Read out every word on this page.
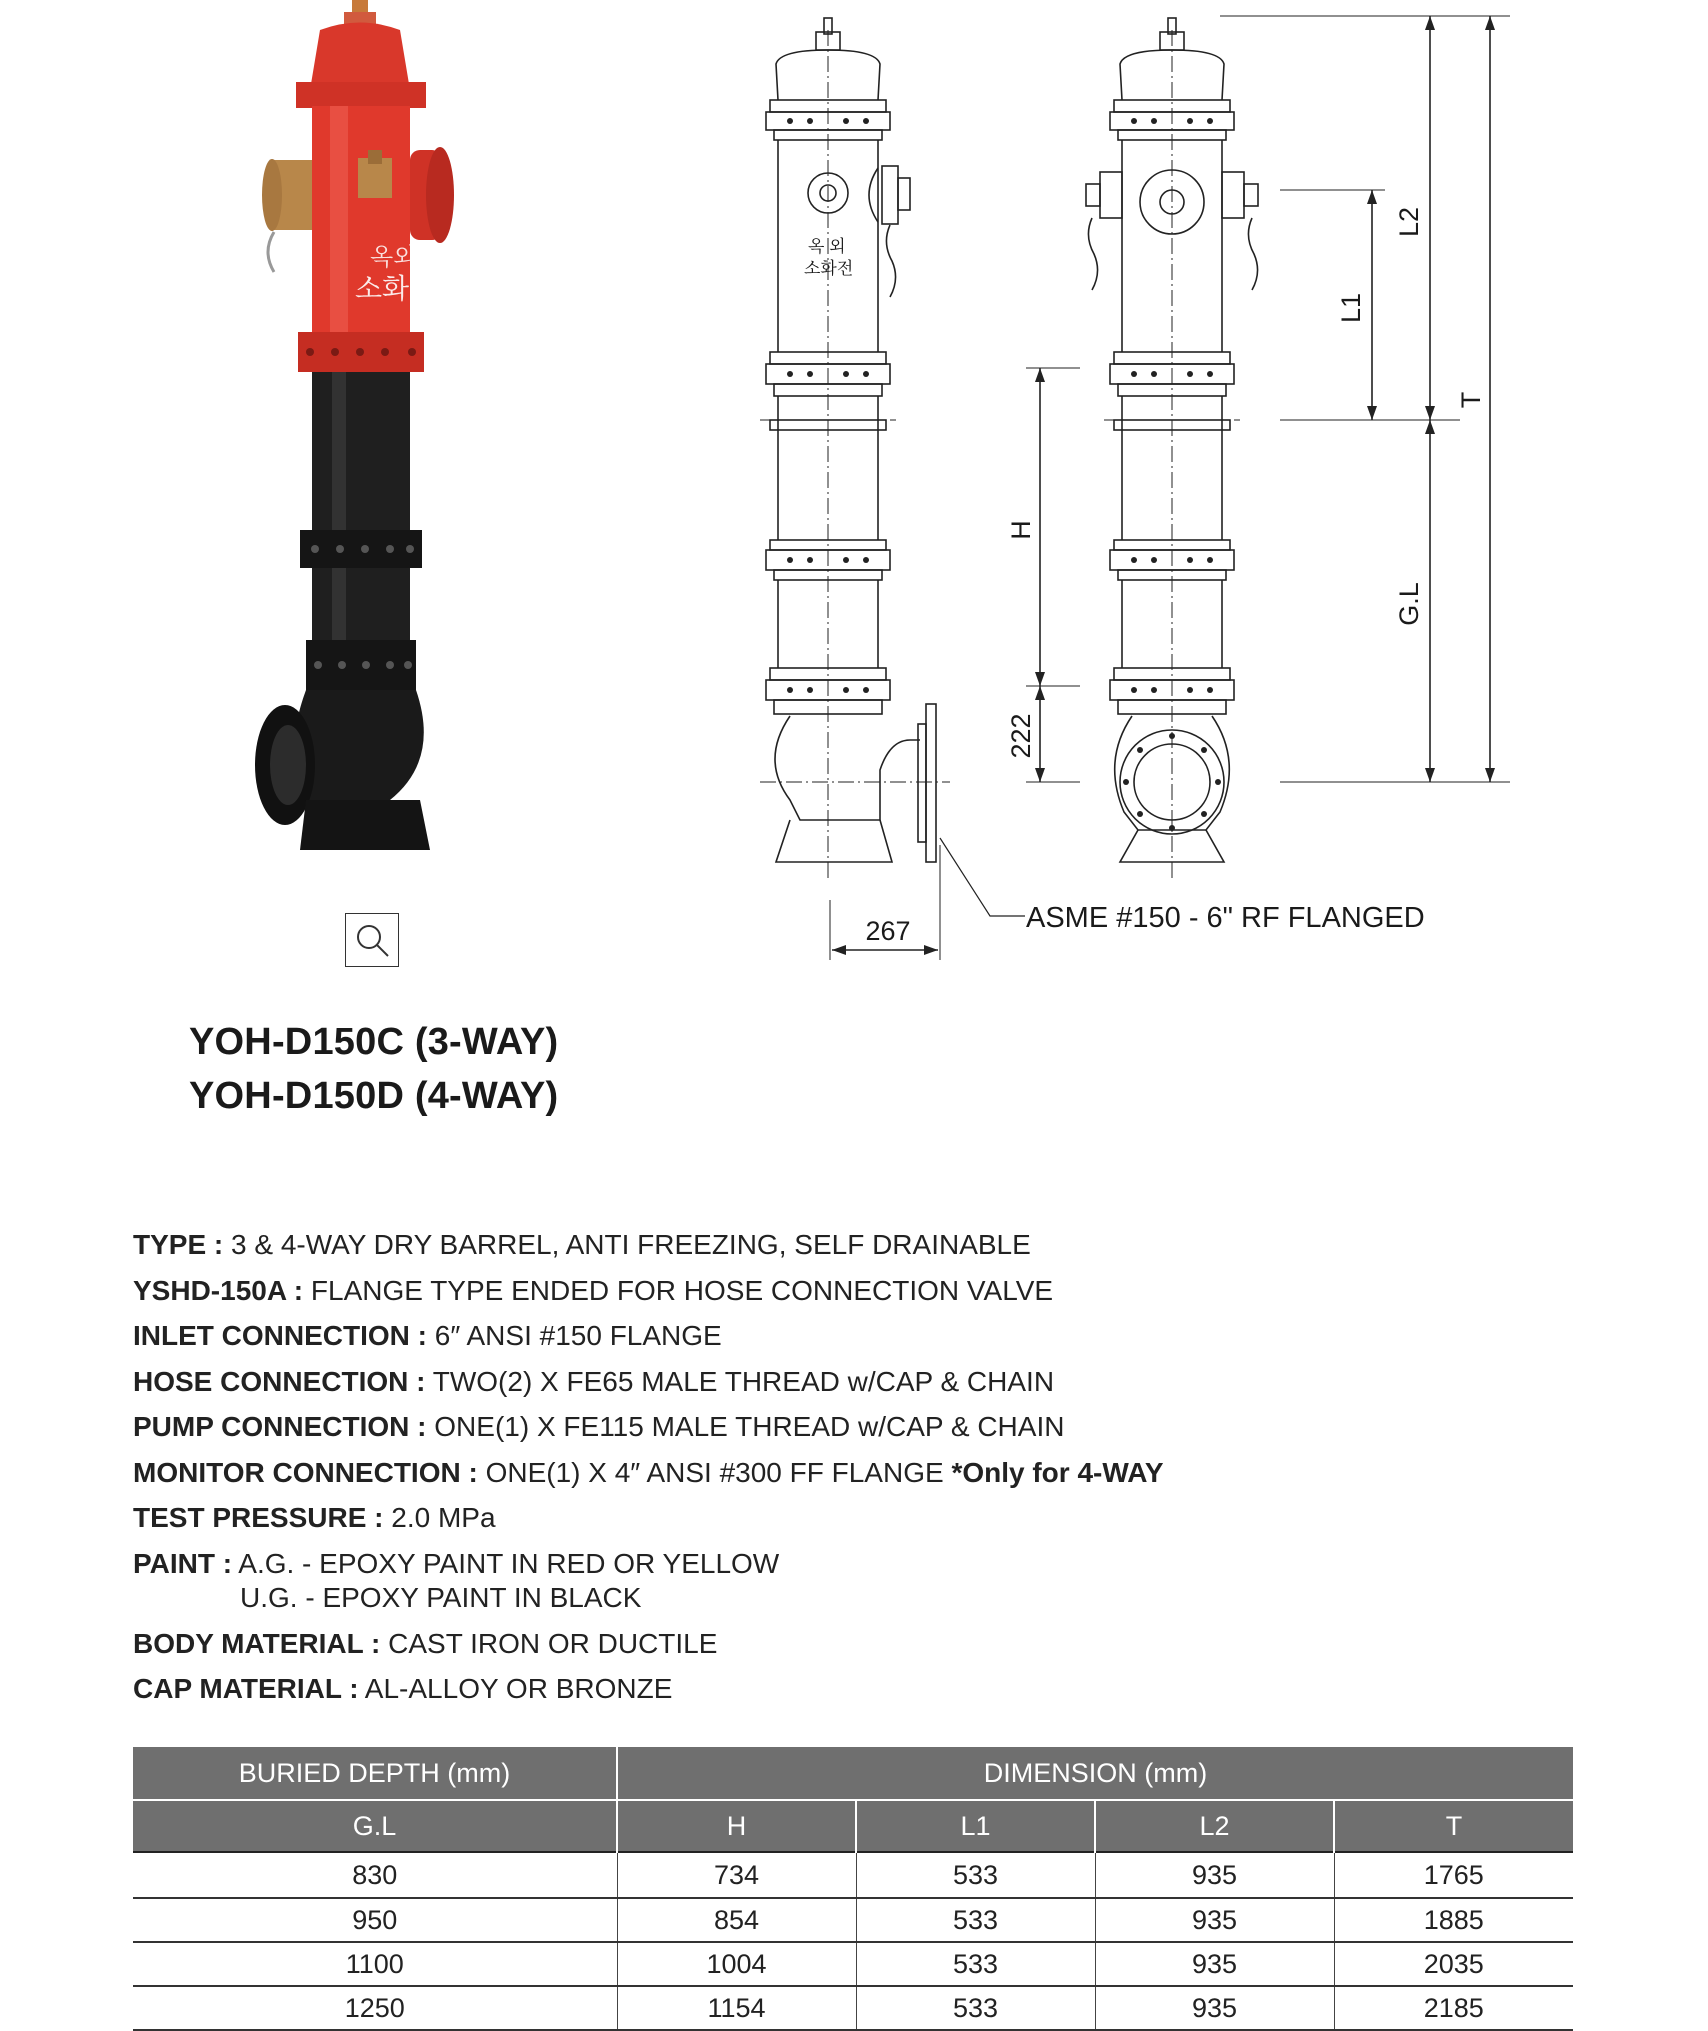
옥외
소화전
옥 외
소화전
H
222
267
L1
L2
T
G.L
ASME #150 - 6" RF FLANGED
YOH-D150C (3-WAY)
YOH-D150D (4-WAY)
TYPE : 3 & 4-WAY DRY BARREL, ANTI FREEZING, SELF DRAINABLE
YSHD-150A : FLANGE TYPE ENDED FOR HOSE CONNECTION VALVE
INLET CONNECTION : 6″ ANSI #150 FLANGE
HOSE CONNECTION : TWO(2) X FE65 MALE THREAD w/CAP & CHAIN
PUMP CONNECTION : ONE(1) X FE115 MALE THREAD w/CAP & CHAIN
MONITOR CONNECTION : ONE(1) X 4″ ANSI #300 FF FLANGE *Only for 4-WAY
TEST PRESSURE : 2.0 MPa
PAINT : A.G. - EPOXY PAINT IN RED OR YELLOW
U.G. - EPOXY PAINT IN BLACK
BODY MATERIAL : CAST IRON OR DUCTILE
CAP MATERIAL : AL-ALLOY OR BRONZE
BURIED DEPTH (mm)	DIMENSION (mm)			
G.L	H	L1	L2	T
830	734	533	935	1765
950	854	533	935	1885
1100	1004	533	935	2035
1250	1154	533	935	2185
